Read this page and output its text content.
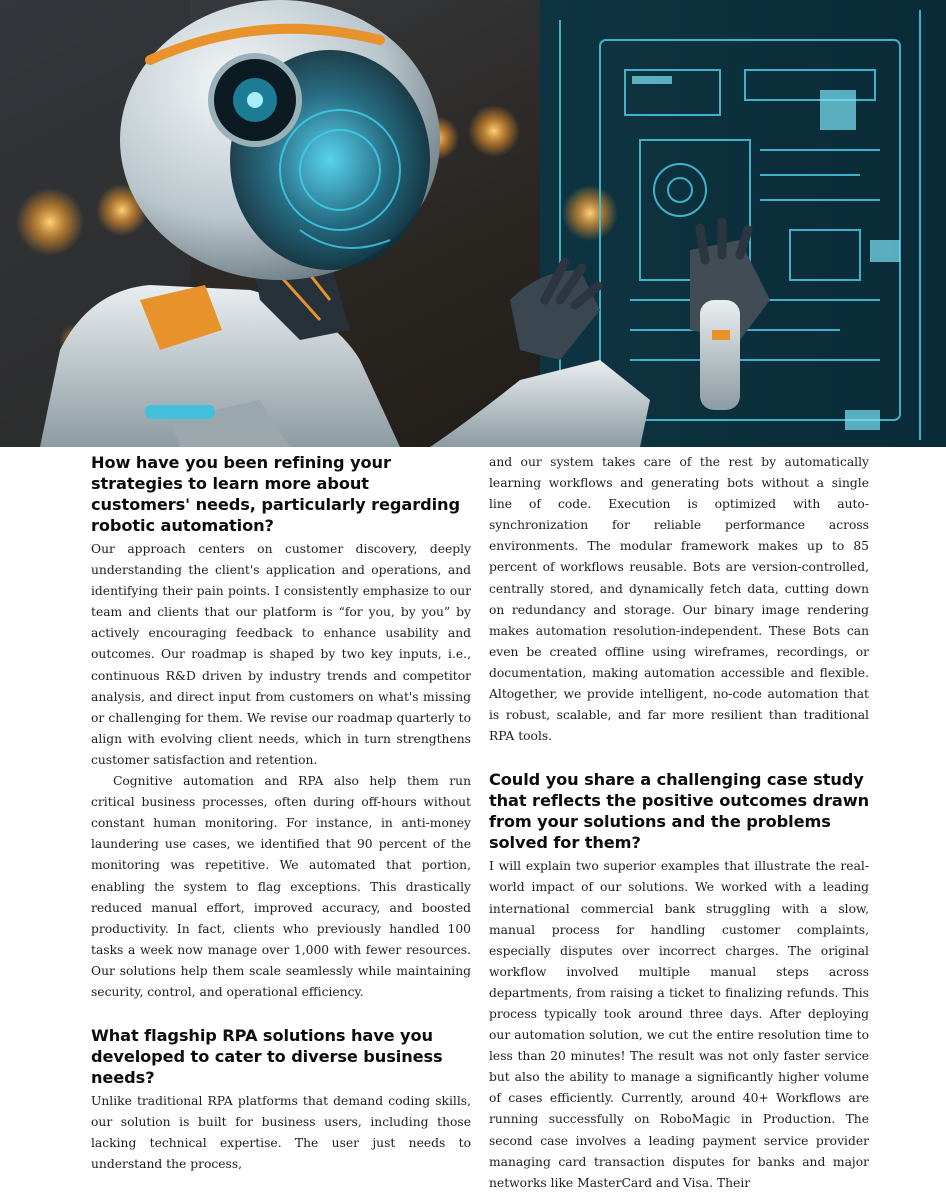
How have you been refining your strategies to learn more about customers' needs, particularly regarding robotic automation?

Our approach centers on customer discovery, deeply understanding the client's application and operations, and identifying their pain points. I consistently emphasize to our team and clients that our platform is “for you, by you” by actively encouraging feedback to enhance usability and outcomes. Our roadmap is shaped by two key inputs, i.e., continuous R&D driven by industry trends and competitor analysis, and direct input from customers on what's missing or challenging for them. We revise our roadmap quarterly to align with evolving client needs, which in turn strengthens customer satisfaction and retention.

Cognitive automation and RPA also help them run critical business processes, often during off-hours without constant human monitoring. For instance, in anti-money laundering use cases, we identified that 90 percent of the monitoring was repetitive. We automated that portion, enabling the system to flag exceptions. This drastically reduced manual effort, improved accuracy, and boosted productivity. In fact, clients who previously handled 100 tasks a week now manage over 1,000 with fewer resources. Our solutions help them scale seamlessly while maintaining security, control, and operational efficiency.

What flagship RPA solutions have you developed to cater to diverse business needs?

Unlike traditional RPA platforms that demand coding skills, our solution is built for business users, including those lacking technical expertise. The user just needs to understand the process,

and our system takes care of the rest by automatically learning workflows and generating bots without a single line of code. Execution is optimized with auto-synchronization for reliable performance across environments. The modular framework makes up to 85 percent of workflows reusable. Bots are version-controlled, centrally stored, and dynamically fetch data, cutting down on redundancy and storage. Our binary image rendering makes automation resolution-independent. These Bots can even be created offline using wireframes, recordings, or documentation, making automation accessible and flexible. Altogether, we provide intelligent, no-code automation that is robust, scalable, and far more resilient than traditional RPA tools.

Could you share a challenging case study that reflects the positive outcomes drawn from your solutions and the problems solved for them?

I will explain two superior examples that illustrate the real-world impact of our solutions. We worked with a leading international commercial bank struggling with a slow, manual process for handling customer complaints, especially disputes over incorrect charges. The original workflow involved multiple manual steps across departments, from raising a ticket to finalizing refunds. This process typically took around three days. After deploying our automation solution, we cut the entire resolution time to less than 20 minutes! The result was not only faster service but also the ability to manage a significantly higher volume of cases efficiently. Currently, around 40+ Workflows are running successfully on RoboMagic in Production. The second case involves a leading payment service provider managing card transaction disputes for banks and major networks like MasterCard and Visa. Their
